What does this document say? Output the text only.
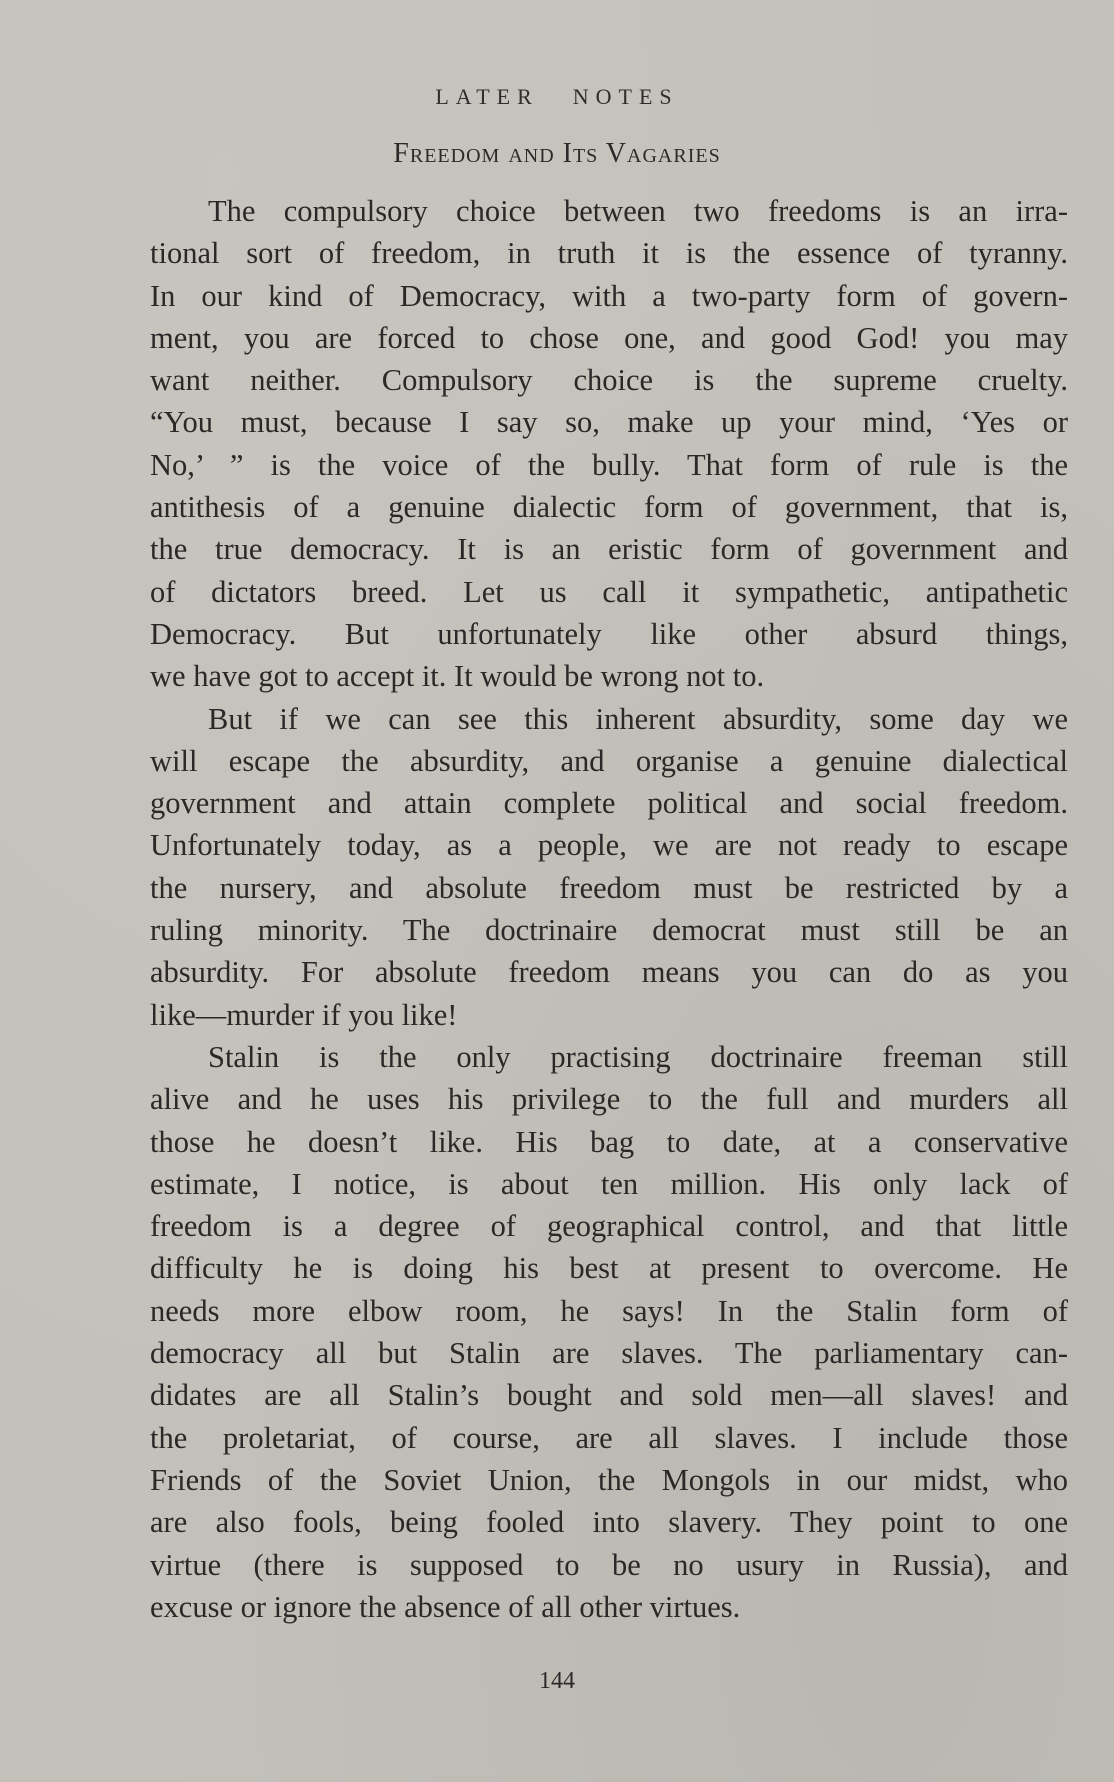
LATER NOTES
Freedom and Its Vagaries
The compulsory choice between two freedoms is an irra-
tional sort of freedom, in truth it is the essence of tyranny.
In our kind of Democracy, with a two-party form of govern-
ment, you are forced to chose one, and good God! you may
want neither. Compulsory choice is the supreme cruelty.
“You must, because I say so, make up your mind, ‘Yes or
No,’ ” is the voice of the bully. That form of rule is the
antithesis of a genuine dialectic form of government, that is,
the true democracy. It is an eristic form of government and
of dictators breed. Let us call it sympathetic, antipathetic
Democracy. But unfortunately like other absurd things,
we have got to accept it. It would be wrong not to.
But if we can see this inherent absurdity, some day we
will escape the absurdity, and organise a genuine dialectical
government and attain complete political and social freedom.
Unfortunately today, as a people, we are not ready to escape
the nursery, and absolute freedom must be restricted by a
ruling minority. The doctrinaire democrat must still be an
absurdity. For absolute freedom means you can do as you
like—murder if you like!
Stalin is the only practising doctrinaire freeman still
alive and he uses his privilege to the full and murders all
those he doesn’t like. His bag to date, at a conservative
estimate, I notice, is about ten million. His only lack of
freedom is a degree of geographical control, and that little
difficulty he is doing his best at present to overcome. He
needs more elbow room, he says! In the Stalin form of
democracy all but Stalin are slaves. The parliamentary can-
didates are all Stalin’s bought and sold men—all slaves! and
the proletariat, of course, are all slaves. I include those
Friends of the Soviet Union, the Mongols in our midst, who
are also fools, being fooled into slavery. They point to one
virtue (there is supposed to be no usury in Russia), and
excuse or ignore the absence of all other virtues.
144
